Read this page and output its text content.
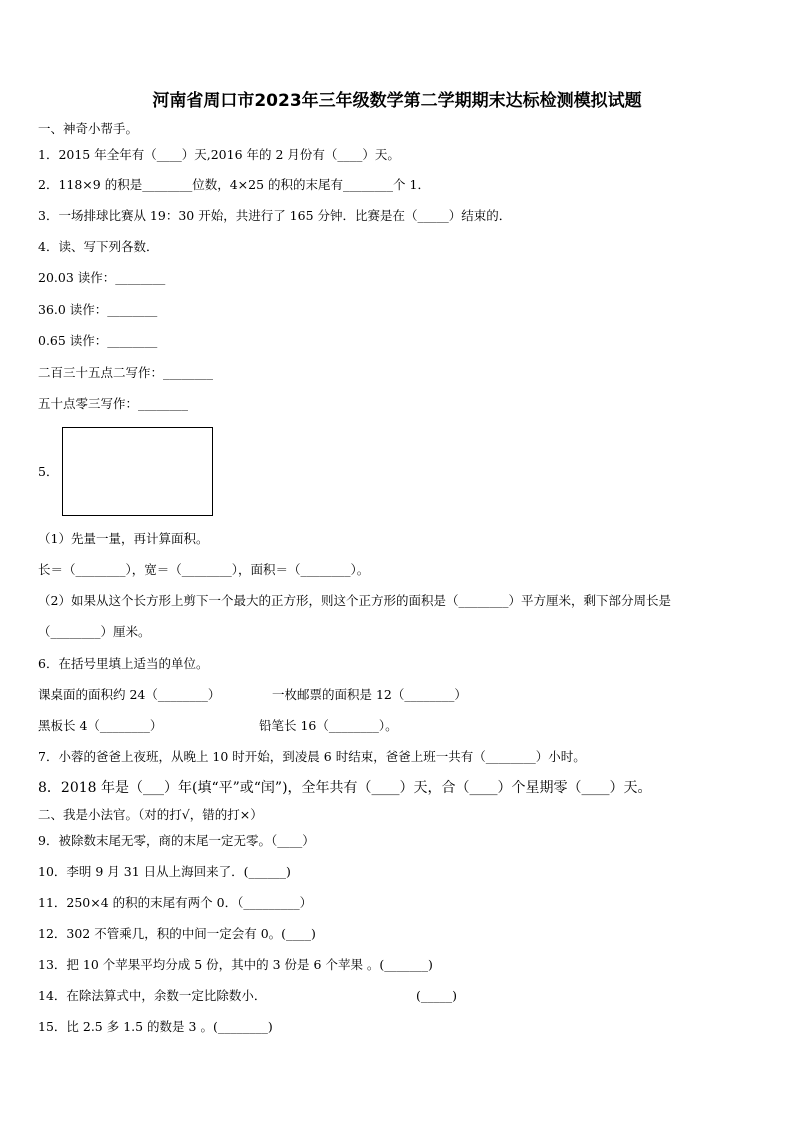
河南省周口市2023年三年级数学第二学期期末达标检测模拟试题
一、神奇小帮手。
1．2015 年全年有（____）天,2016 年的 2 月份有（____）天。
2．118×9 的积是________位数，4×25 的积的末尾有________个 1．
3．一场排球比赛从 19：30 开始，共进行了 165 分钟．比赛是在（_____）结束的．
4．读、写下列各数．
20.03 读作：________
36.0 读作：________
0.65 读作：________
二百三十五点二写作：________
五十点零三写作：________
5．
（1）先量一量，再计算面积。
长＝（________），宽＝（________），面积＝（________）。
（2）如果从这个长方形上剪下一个最大的正方形，则这个正方形的面积是（________）平方厘米，剩下部分周长是
（________）厘米。
6．在括号里填上适当的单位。
课桌面的面积约 24（________）	一枚邮票的面积是 12（________）
黑板长 4（________）	铅笔长 16（________）。
7．小蓉的爸爸上夜班，从晚上 10 时开始，到凌晨 6 时结束，爸爸上班一共有（________）小时。
8．2018 年是（___）年(填“平”或“闰”)，全年共有（____）天，合（____）个星期零（____）天。
二、我是小法官。（对的打√，错的打×）
9．被除数末尾无零，商的末尾一定无零。（____）
10．李明 9 月 31 日从上海回来了．(______)
11．250×4 的积的末尾有两个 0．（_________）
12．302 不管乘几，积的中间一定会有 0。(____)
13．把 10 个苹果平均分成 5 份，其中的 3 份是 6 个苹果 。(_______)
14．在除法算式中，余数一定比除数小．	(_____)
15．比 2.5 多 1.5 的数是 3 。(________)
